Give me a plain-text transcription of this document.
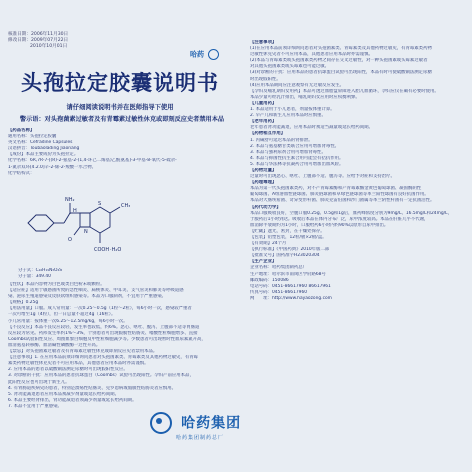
核准日期：2006年11月30日
修改日期：2009年07月22日
2010年10月01日
哈药
头孢拉定胶囊说明书
请仔细阅读说明书并在医师指导下使用
警示语：对头孢菌素过敏者及有青霉素过敏性休克或即刻反应史者禁用本品
【药品名称】
通用名称：头孢拉定胶囊
英文名称：Cefradine Capsules
汉语拼音：Toubaolading Jiaonang
【成份】本品主要成份为头孢拉定。
化学名称：6R,7R-7-[(R)-2-氨基-2-(1,4-环己二烯基)乙酰氨基]-3-甲基-8-氧代-5-硫杂-
1-氮杂双环[4.2.0]辛-2-烯-2-羧酸一水合物。
化学结构式：
NH₂
H
S
N
CH₃
O
COOH ·H₂O
分子式：C₁₆H₁₉N₃O₄S
分子量：349.40
【性状】本品内容物为白色或类白色粉末或颗粒。
【适应症】适用于敏感菌所致的急性咽炎、扁桃体炎、中耳炎、支气管炎和肺炎等呼吸道感
染、泌尿生殖道感染及皮肤软组织感染等。本品为口服制剂，不宜用于严重感染。
【规格】0.25g
【用法用量】口服。成人常用量：一次0.25～0.5g（1粒～2粒），每6小时一次，感染较严重者
一次可增至1g（4粒），但一日总量不超过4g（16粒）。
小儿常用量：按体重一次6.25～12.5mg/kg，每6小时一次。
【不良反应】本品不良反应较轻，发生率也较低，约6%。恶心、呕吐、腹泻、上腹部不适等胃肠道
反应较为常见。药疹发生率约1%～3%，个别患者可出现假膜性结肠炎、嗜酸性粒细胞增多、直接
Coombs试验阳性反应、周围血象白细胞及中性粒细胞减少等。少数患者可出现暂时性血尿素氮升高，
血清氨基转移酶、血清碱性磷酸酶一过性升高。
【禁忌】对头孢菌素过敏者及有青霉素过敏性休克或即刻反应史者禁用本品。
【注意事项】1. 在应用本品前须详细询问患者对头孢菌素类、青霉素类及其他药物过敏史，有青霉
素类药物过敏性休克史者不可应用本品，其他患者应用本品时亦需谨慎。
2. 应用本品的患者以硫酸铜法测定尿糖时可出现假阳性反应。
3. 对诊断的干扰：应用本品的患者抗球蛋白（Coombs）试验可出现阳性。孕妇产前应用本品，
此阳性反应也可出现于新生儿。
4. 有胃肠道疾病史的患者，特别是溃疡性结肠炎、克罗恩病或假膜性结肠炎者应慎用。
5. 肾功能减退患者应用本品须减少剂量或延长给药间期。
6. 本品主要经肾排出，肾功能减退者须减少剂量或延长给药间期。
7. 本品不宜用于严重感染。
哈药集团
哈药集团制药总厂
【注意事项】
(1)在应用本品前须详细询问患者对头孢菌素类、青霉素类及其他药物过敏史，有青霉素类药物
过敏性休克史者不可应用本品，其他患者应用本品时亦需谨慎。
(2)本品与青霉素类或头孢菌素类药物之间存在交叉过敏性，对一种头孢菌素或头霉素过敏者
对其他头孢菌素类或头霉素也可能过敏。
(3)对诊断的干扰：应用本品的患者抗球蛋白试验可出现阳性，本品有时可使硫酸铜法测定尿糖
时出现假阳性。
(4)应用本品期间应注意观察有无过敏反应发生。
【孕妇及哺乳期妇女用药】本品可透过血胎盘屏障进入胎儿血循环，孕妇应仅在确有必要时使用。
本品少量可经乳汁排出，哺乳期妇女应用时应权衡利弊。
【儿童用药】
1. 本品适用于小儿患者，剂量按体重计算。
2. 早产儿和新生儿应用本品时应慎重。
【老年用药】
老年患者肾功能减退，应用本品时须适当减量或延长给药间期。
【药物相互作用】
1. 丙磺舒可延迟本品的肾排泄。
2. 本品与氨基糖苷类联合应用可增加肾毒性。
3. 本品与强利尿剂合用可增加肾毒性。
4. 本品与抑菌性抗生素合用可能会有拮抗作用。
5. 本品与华法林等抗凝药合用可增加出血风险。
【药物过量】
过量时可出现恶心、呕吐、上腹部不适、腹泻等。应给予对症和支持治疗。
【药理毒理】
本品为第一代头孢菌素类药，对不产青霉素酶和产青霉素酶金黄色葡萄球菌、凝固酶阴性
葡萄球菌、A组溶血性链球菌、肺炎链球菌和草绿色链球菌等革兰阳性球菌有良好抗菌作用。
本品对大肠埃希菌、奇异变形杆菌、肺炎克雷伯菌和沙门菌属等革兰阴性杆菌有一定抗菌活性。
【药代动力学】
本品口服吸收良好，空腹口服0.25g、0.5g和1g后，血药峰浓度分别为9mg/L、16.5mg/L和24mg/L，
于服药后1小时到达。吸收后本品在体内分布广泛，尿中浓度较高。本品在肝脏几乎不代谢，
血消除半衰期约为1小时，口服给药6小时内约90%以原形自尿中排出。
【贮藏】遮光，密封，在干燥处保存。
【包装】铝塑包装，12粒/板×2板/盒。
【有效期】24个月
【执行标准】《中国药典》2010年版二部
【批准文号】国药准字H23020304
【生产企业】
企业名称：哈药集团制药总厂
生产地址：哈尔滨市南岗区学府路68号
邮政编码：150086
电话号码：0451-86617960 86617961
传真号码：0451-86617960
网　　址：http://www.hayaozong.com
